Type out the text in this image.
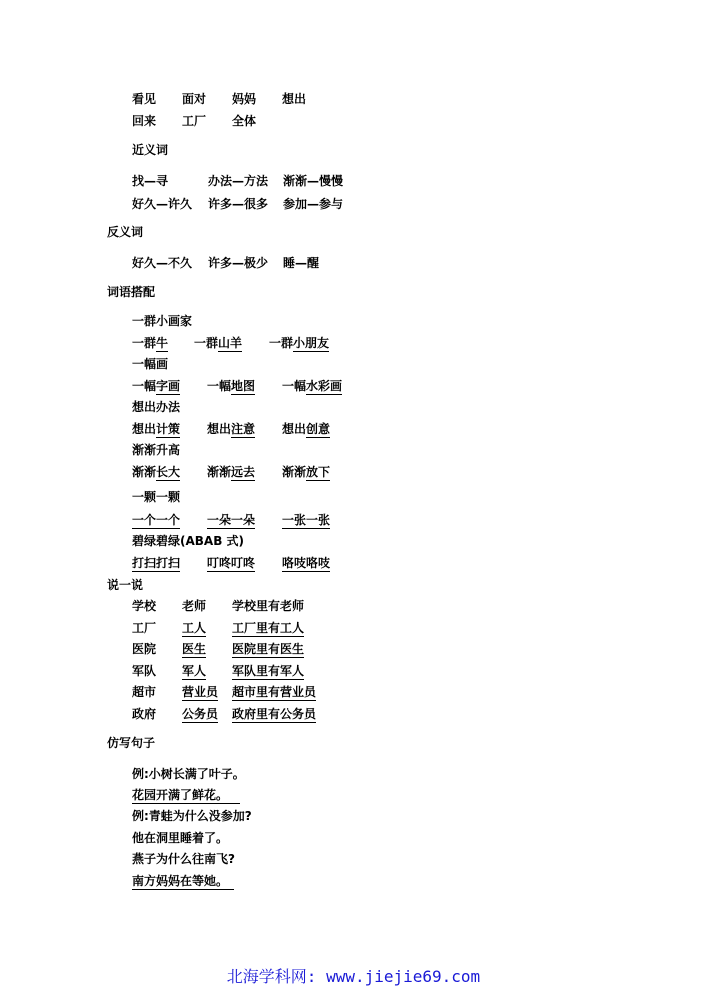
看见 面对 妈妈 想出
回来 工厂 全体
近义词
找—寻	办法—方法 渐渐—慢慢
好久—许久 许多—很多 参加—参与
反义词
好久—不久 许多—极少 睡—醒
词语搭配
一群小画家
一群牛 一群山羊 一群小朋友
一幅画
一幅字画 一幅地图 一幅水彩画
想出办法
想出计策 想出注意 想出创意
渐渐升高
渐渐长大 渐渐远去 渐渐放下
一颗一颗
一个一个 一朵一朵 一张一张
碧绿碧绿(ABAB 式)
打扫打扫 叮咚叮咚 咯吱咯吱
说一说
学校 老师 学校里有老师
工厂 工人 工厂里有工人
医院 医生 医院里有医生
军队 军人 军队里有军人
超市 营业员 超市里有营业员
政府 公务员 政府里有公务员
仿写句子
例:小树长满了叶子。
花园开满了鲜花。  
例:青蛙为什么没参加?
他在洞里睡着了。
燕子为什么往南飞?
南方妈妈在等她。 
北海学科网: www.jiejie69.com
